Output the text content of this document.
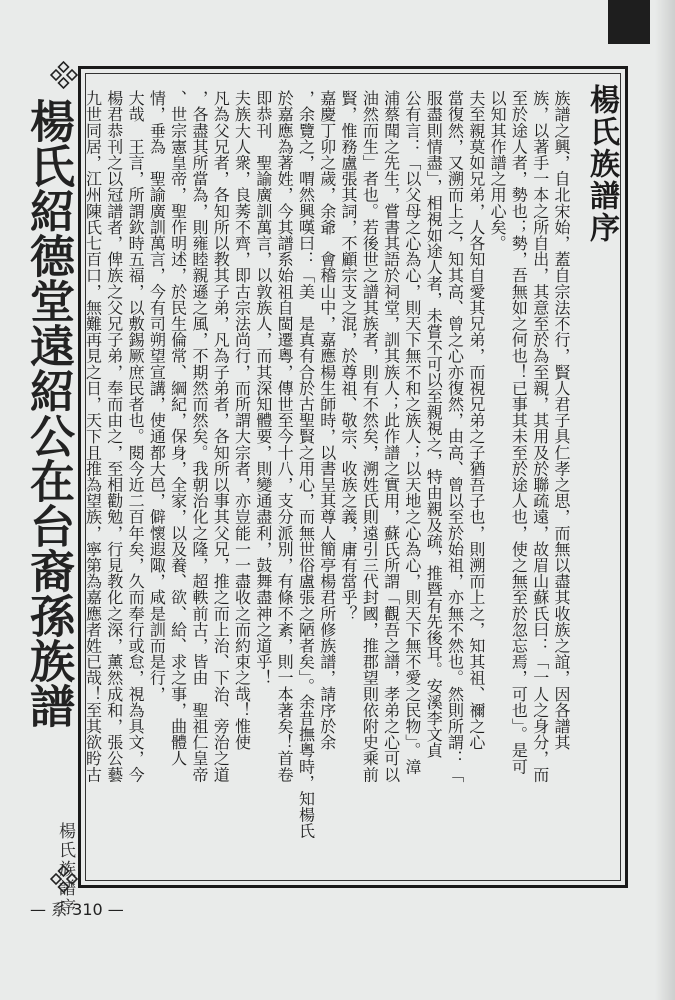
楊氏紹德堂遠紹公在台裔孫族譜	楊氏族譜序

族譜之興，自北宋始，蓋自宗法不行，賢人君子具仁孝之思，而無以盡其收族之誼，因各譜其

族，以著手一本之所自出，其意至於為至親，其用及於聯疏遠，故眉山蘇氏曰：「一人之身分，而

至於途人者，勢也；勢，吾無如之何也！已事其未至於途人也，使之無至於忽忘焉，可也」。是可

以知其作譜之用心矣。

夫至親莫如兄弟，人各知自愛其兄弟，而視兄弟之子猶吾子也，則溯而上之，知其祖、禰之心

當復然，又溯而上之，知其高、曾之心亦復然，由高、曾以至於始祖，亦無不然也。然則所謂：「

服盡則情盡」，相視如途人者，未嘗不可以至親視之，特由親及疏，推暨有先後耳。安溪李文貞

公有言：「以父母之心為心，則天下無不和之族人；以天地之心為心，則天下無不愛之民物」。漳

浦蔡聞之先生，嘗書其語於祠堂，訓其族人；此作譜之實用，蘇氏所謂「觀吾之譜，孝弟之心可以

油然而生」者也。若後世之譜其族者，則有不然矣，溯姓氏則遠引三代封國，推郡望則依附史乘前

賢，惟務盧張其詞，不顧宗支之混，於尊祖、敬宗、收族之義，庸有當乎？

嘉慶丁卯之歲，余爺　會稽山中，嘉應楊生師時，以書呈其尊人簡亭楊君所修族譜，請序於余

，余覽之，喟然興嘆曰：「美　是真有合於古聖賢之用心，而無世俗盧張之陋者矣」。余昔撫粵時，知楊氏

於嘉應為著姓，今其譜系始祖自閩遷粵，傳世至今十八，支分派別，有條不紊，則一本著矣！首卷

即恭刊　聖諭廣訓萬言，以敦族人，而其深知體要，則變通盡利，鼓舞盡神之道乎！

夫族大人衆，良莠不齊，即古宗法尚行，而所謂大宗者，亦豈能一一盡收之而約束之哉！惟使

凡為父兄者，各知所以教其子弟，凡為子弟者，各知所以事其父兄，推之而上治、下治、旁治之道

，各盡其所當為，則雍睦親遜之風，不期然而然矣。我朝治化之隆，超軼前古，皆由　聖祖仁皇帝

、世宗憲皇帝，聖作明述，於民生倫常、綱紀，保身，全家，以及養、欲、給、求之事，曲體人

情，垂為　聖諭廣訓萬言，今有司朔望宣講，使通都大邑，僻懷遐陬，咸是訓而是行，

大哉　王言，所謂欽時五福，以敷錫厥庶民者也。閱今近二百年矣，久而奉行或怠，視為具文，今

楊君恭刊之以冠譜者，俾族之父兄子弟，奉而由之，至相勸勉，行見教化之深，薰然成和，張公藝

九世同居，江州陳氏七百口，無難再見之日，天下且推為望族，寧第為嘉應者姓已哉！至其欲盻古

楊氏族譜序
— 系 310 —
